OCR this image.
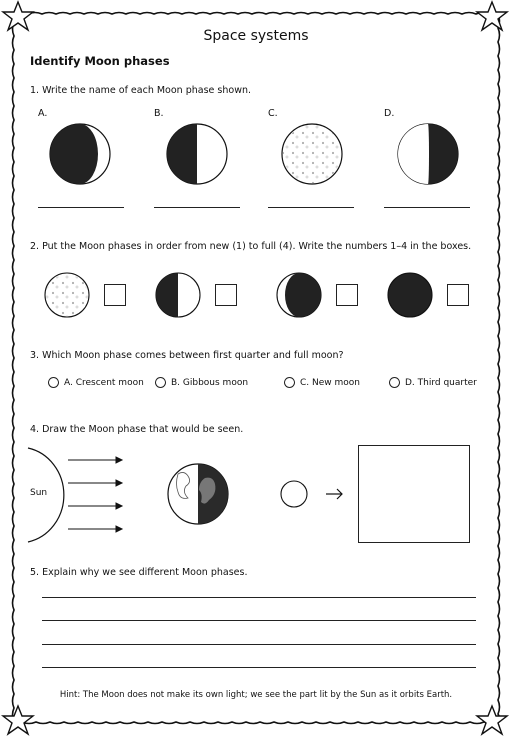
Space systems
Identify Moon phases
1. Write the name of each Moon phase shown.
A.	B.	C.	D.
2. Put the Moon phases in order from new (1) to full (4). Write the numbers 1–4 in the boxes.
3. Which Moon phase comes between first quarter and full moon?
A. Crescent moon	B. Gibbous moon	C. New moon	D. Third quarter
4. Draw the Moon phase that would be seen.
Sun
5. Explain why we see different Moon phases.
Hint: The Moon does not make its own light; we see the part lit by the Sun as it orbits Earth.
